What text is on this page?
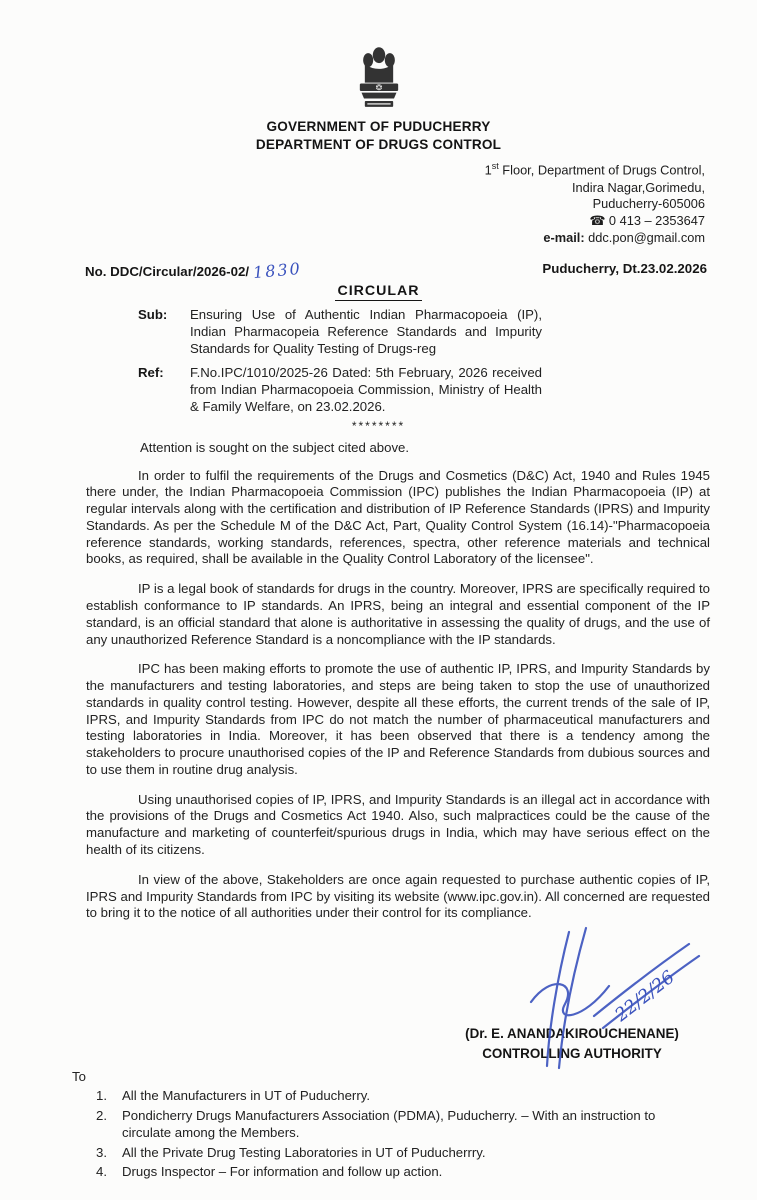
GOVERNMENT OF PUDUCHERRY
DEPARTMENT OF DRUGS CONTROL
1st Floor, Department of Drugs Control,
Indira Nagar,Gorimedu,
Puducherry-605006
☎ 0 413 – 2353647
e-mail: ddc.pon@gmail.com
No. DDC/Circular/2026-02/ 1830	Puducherry, Dt.23.02.2026
CIRCULAR
Sub:	Ensuring Use of Authentic Indian Pharmacopoeia (IP), Indian Pharmacopeia Reference Standards and Impurity Standards for Quality Testing of Drugs-reg
Ref:	F.No.IPC/1010/2025-26 Dated: 5th February, 2026 received from Indian Pharmacopoeia Commission, Ministry of Health & Family Welfare, on 23.02.2026.
********
Attention is sought on the subject cited above.
In order to fulfil the requirements of the Drugs and Cosmetics (D&C) Act, 1940 and Rules 1945 there under, the Indian Pharmacopoeia Commission (IPC) publishes the Indian Pharmacopoeia (IP) at regular intervals along with the certification and distribution of IP Reference Standards (IPRS) and Impurity Standards. As per the Schedule M of the D&C Act, Part, Quality Control System (16.14)-"Pharmacopoeia reference standards, working standards, references, spectra, other reference materials and technical books, as required, shall be available in the Quality Control Laboratory of the licensee".
IP is a legal book of standards for drugs in the country. Moreover, IPRS are specifically required to establish conformance to IP standards. An IPRS, being an integral and essential component of the IP standard, is an official standard that alone is authoritative in assessing the quality of drugs, and the use of any unauthorized Reference Standard is a noncompliance with the IP standards.
IPC has been making efforts to promote the use of authentic IP, IPRS, and Impurity Standards by the manufacturers and testing laboratories, and steps are being taken to stop the use of unauthorized standards in quality control testing. However, despite all these efforts, the current trends of the sale of IP, IPRS, and Impurity Standards from IPC do not match the number of pharmaceutical manufacturers and testing laboratories in India. Moreover, it has been observed that there is a tendency among the stakeholders to procure unauthorised copies of the IP and Reference Standards from dubious sources and to use them in routine drug analysis.
Using unauthorised copies of IP, IPRS, and Impurity Standards is an illegal act in accordance with the provisions of the Drugs and Cosmetics Act 1940. Also, such malpractices could be the cause of the manufacture and marketing of counterfeit/spurious drugs in India, which may have serious effect on the health of its citizens.
In view of the above, Stakeholders are once again requested to purchase authentic copies of IP, IPRS and Impurity Standards from IPC by visiting its website (www.ipc.gov.in). All concerned are requested to bring it to the notice of all authorities under their control for its compliance.
(Dr. E. ANANDAKIROUCHENANE)
CONTROLLING AUTHORITY
22/2/26
To
1.	All the Manufacturers in UT of Puducherry.
2.	Pondicherry Drugs Manufacturers Association (PDMA), Puducherry. – With an instruction to circulate among the Members.
3.	All the Private Drug Testing Laboratories in UT of Puducherrry.
4.	Drugs Inspector – For information and follow up action.
